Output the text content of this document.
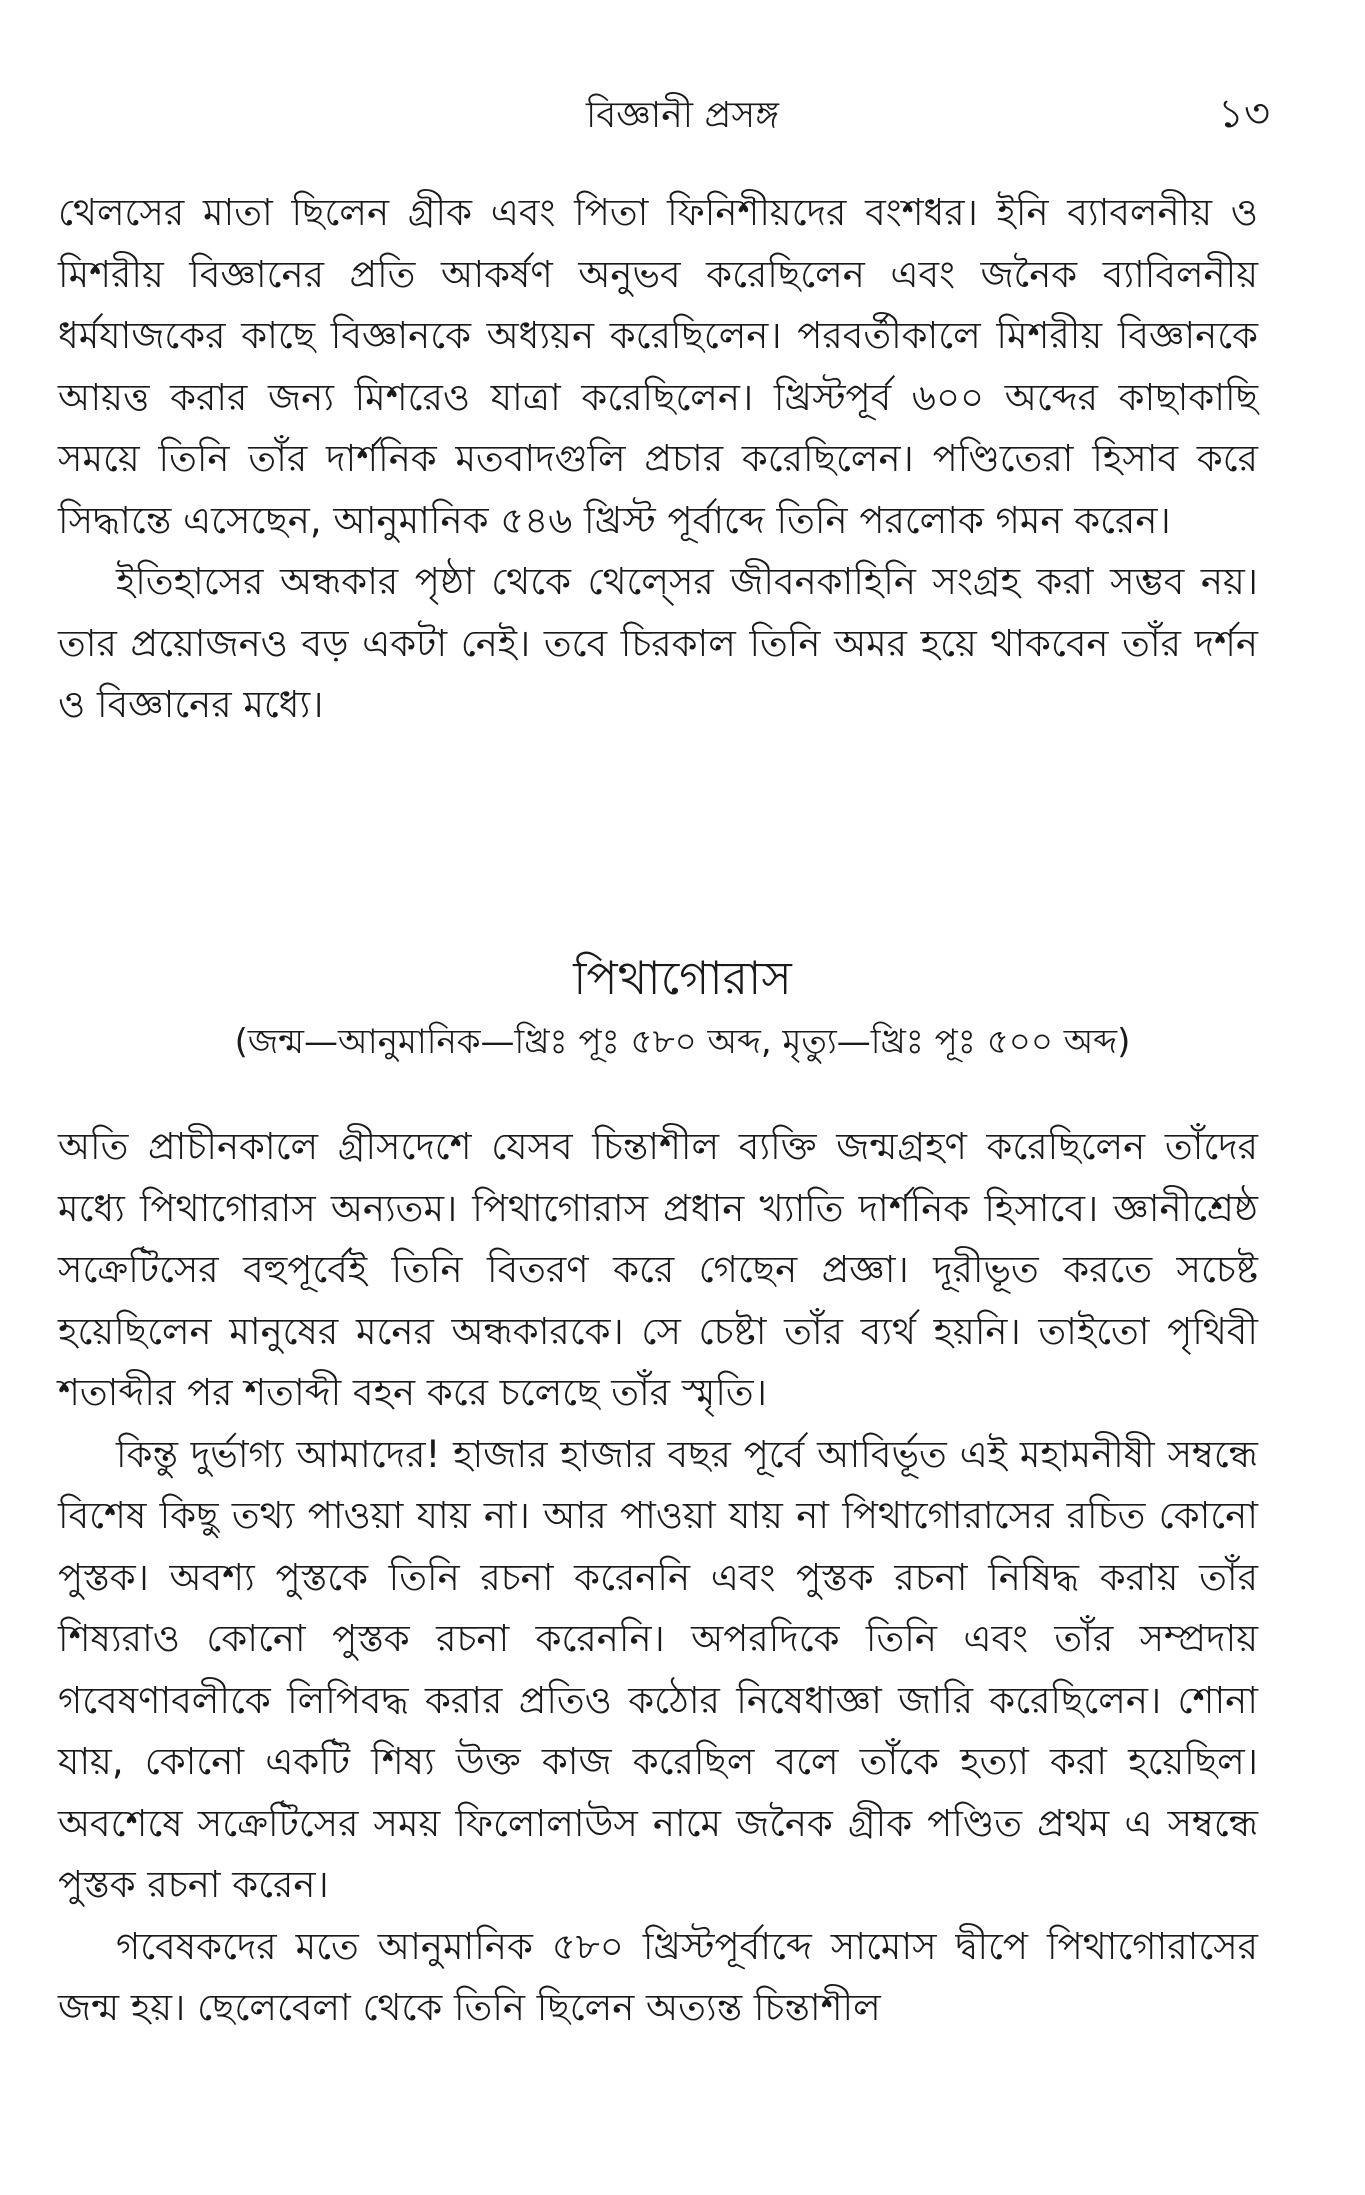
বিজ্ঞানী প্রসঙ্গ	১৩

থেলসের মাতা ছিলেন গ্রীক এবং পিতা ফিনিশীয়দের বংশধর। ইনি ব্যাবলনীয় ও মিশরীয় বিজ্ঞানের প্রতি আকর্ষণ অনুভব করেছিলেন এবং জনৈক ব্যাবিলনীয় ধর্মযাজকের কাছে বিজ্ঞানকে অধ্যয়ন করেছিলেন। পরবর্তীকালে মিশরীয় বিজ্ঞানকে আয়ত্ত করার জন্য মিশরেও যাত্রা করেছিলেন। খ্রিস্টপূর্ব ৬০০ অব্দের কাছাকাছি সময়ে তিনি তাঁর দার্শনিক মতবাদগুলি প্রচার করেছিলেন। পণ্ডিতেরা হিসাব করে সিদ্ধান্তে এসেছেন, আনুমানিক ৫৪৬ খ্রিস্ট পূর্বাব্দে তিনি পরলোক গমন করেন।

ইতিহাসের অন্ধকার পৃষ্ঠা থেকে থেল্সের জীবনকাহিনি সংগ্রহ করা সম্ভব নয়। তার প্রয়োজনও বড় একটা নেই। তবে চিরকাল তিনি অমর হয়ে থাকবেন তাঁর দর্শন ও বিজ্ঞানের মধ্যে।

পিথাগোরাস
(জন্ম—আনুমানিক—খ্রিঃ পূঃ ৫৮০ অব্দ, মৃত্যু—খ্রিঃ পূঃ ৫০০ অব্দ)

অতি প্রাচীনকালে গ্রীসদেশে যেসব চিন্তাশীল ব্যক্তি জন্মগ্রহণ করেছিলেন তাঁদের মধ্যে পিথাগোরাস অন্যতম। পিথাগোরাস প্রধান খ্যাতি দার্শনিক হিসাবে। জ্ঞানীশ্রেষ্ঠ সক্রেটিসের বহুপূর্বেই তিনি বিতরণ করে গেছেন প্রজ্ঞা। দূরীভূত করতে সচেষ্ট হয়েছিলেন মানুষের মনের অন্ধকারকে। সে চেষ্টা তাঁর ব্যর্থ হয়নি। তাইতো পৃথিবী শতাব্দীর পর শতাব্দী বহন করে চলেছে তাঁর স্মৃতি।

কিন্তু দুর্ভাগ্য আমাদের! হাজার হাজার বছর পূর্বে আবির্ভূত এই মহামনীষী সম্বন্ধে বিশেষ কিছু তথ্য পাওয়া যায় না। আর পাওয়া যায় না পিথাগোরাসের রচিত কোনো পুস্তক। অবশ্য পুস্তকে তিনি রচনা করেননি এবং পুস্তক রচনা নিষিদ্ধ করায় তাঁর শিষ্যরাও কোনো পুস্তক রচনা করেননি। অপরদিকে তিনি এবং তাঁর সম্প্রদায় গবেষণাবলীকে লিপিবদ্ধ করার প্রতিও কঠোর নিষেধাজ্ঞা জারি করেছিলেন। শোনা যায়, কোনো একটি শিষ্য উক্ত কাজ করেছিল বলে তাঁকে হত্যা করা হয়েছিল। অবশেষে সক্রেটিসের সময় ফিলোলাউস নামে জনৈক গ্রীক পণ্ডিত প্রথম এ সম্বন্ধে পুস্তক রচনা করেন।

গবেষকদের মতে আনুমানিক ৫৮০ খ্রিস্টপূর্বাব্দে সামোস দ্বীপে পিথাগোরাসের জন্ম হয়। ছেলেবেলা থেকে তিনি ছিলেন অত্যন্ত চিন্তাশীল
